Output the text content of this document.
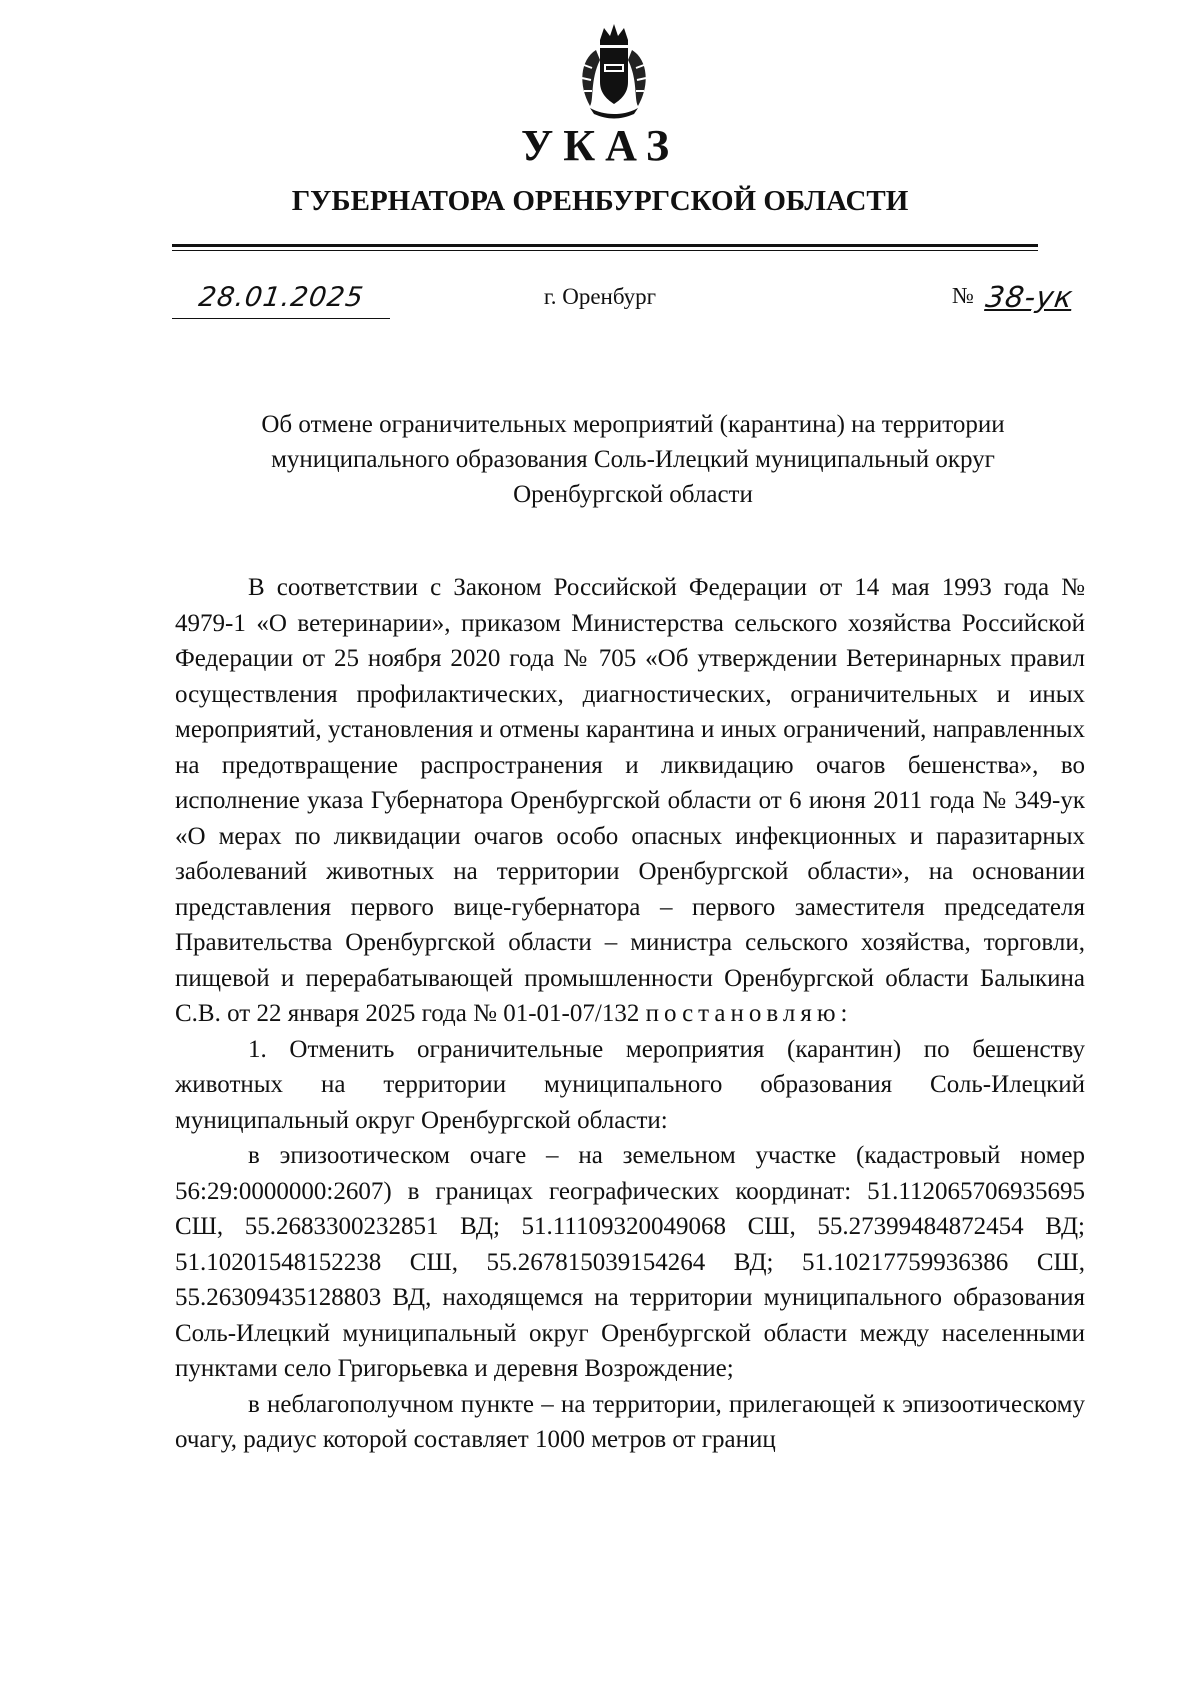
УКАЗ
ГУБЕРНАТОРА ОРЕНБУРГСКОЙ ОБЛАСТИ
28.01.2025	г. Оренбург	№ 38-ук
Об отмене ограничительных мероприятий (карантина) на территории
муниципального образования Соль-Илецкий муниципальный округ
Оренбургской области

В соответствии с Законом Российской Федерации от 14 мая 1993 года № 4979-1 «О ветеринарии», приказом Министерства сельского хозяйства Российской Федерации от 25 ноября 2020 года № 705 «Об утверждении Ветеринарных правил осуществления профилактических, диагностических, ограничительных и иных мероприятий, установления и отмены карантина и иных ограничений, направленных на предотвращение распространения и ликвидацию очагов бешенства», во исполнение указа Губернатора Оренбургской области от 6 июня 2011 года № 349-ук «О мерах по ликвидации очагов особо опасных инфекционных и паразитарных заболеваний животных на территории Оренбургской области», на основании представления первого вице-губернатора – первого заместителя председателя Правительства Оренбургской области – министра сельского хозяйства, торговли, пищевой и перерабатывающей промышленности Оренбургской области Балыкина С.В. от 22 января 2025 года № 01-01-07/132 постановляю:

1. Отменить ограничительные мероприятия (карантин) по бешенству животных на территории муниципального образования Соль-Илецкий муниципальный округ Оренбургской области:

в эпизоотическом очаге – на земельном участке (кадастровый номер 56:29:0000000:2607) в границах географических координат: 51.112065706935695 СШ, 55.2683300232851 ВД; 51.11109320049068 СШ, 55.27399484872454 ВД; 51.10201548152238 СШ, 55.267815039154264 ВД; 51.10217759936386 СШ, 55.26309435128803 ВД, находящемся на территории муниципального образования Соль-Илецкий муниципальный округ Оренбургской области между населенными пунктами село Григорьевка и деревня Возрождение;

в неблагополучном пункте – на территории, прилегающей к эпизоотическому очагу, радиус которой составляет 1000 метров от границ
